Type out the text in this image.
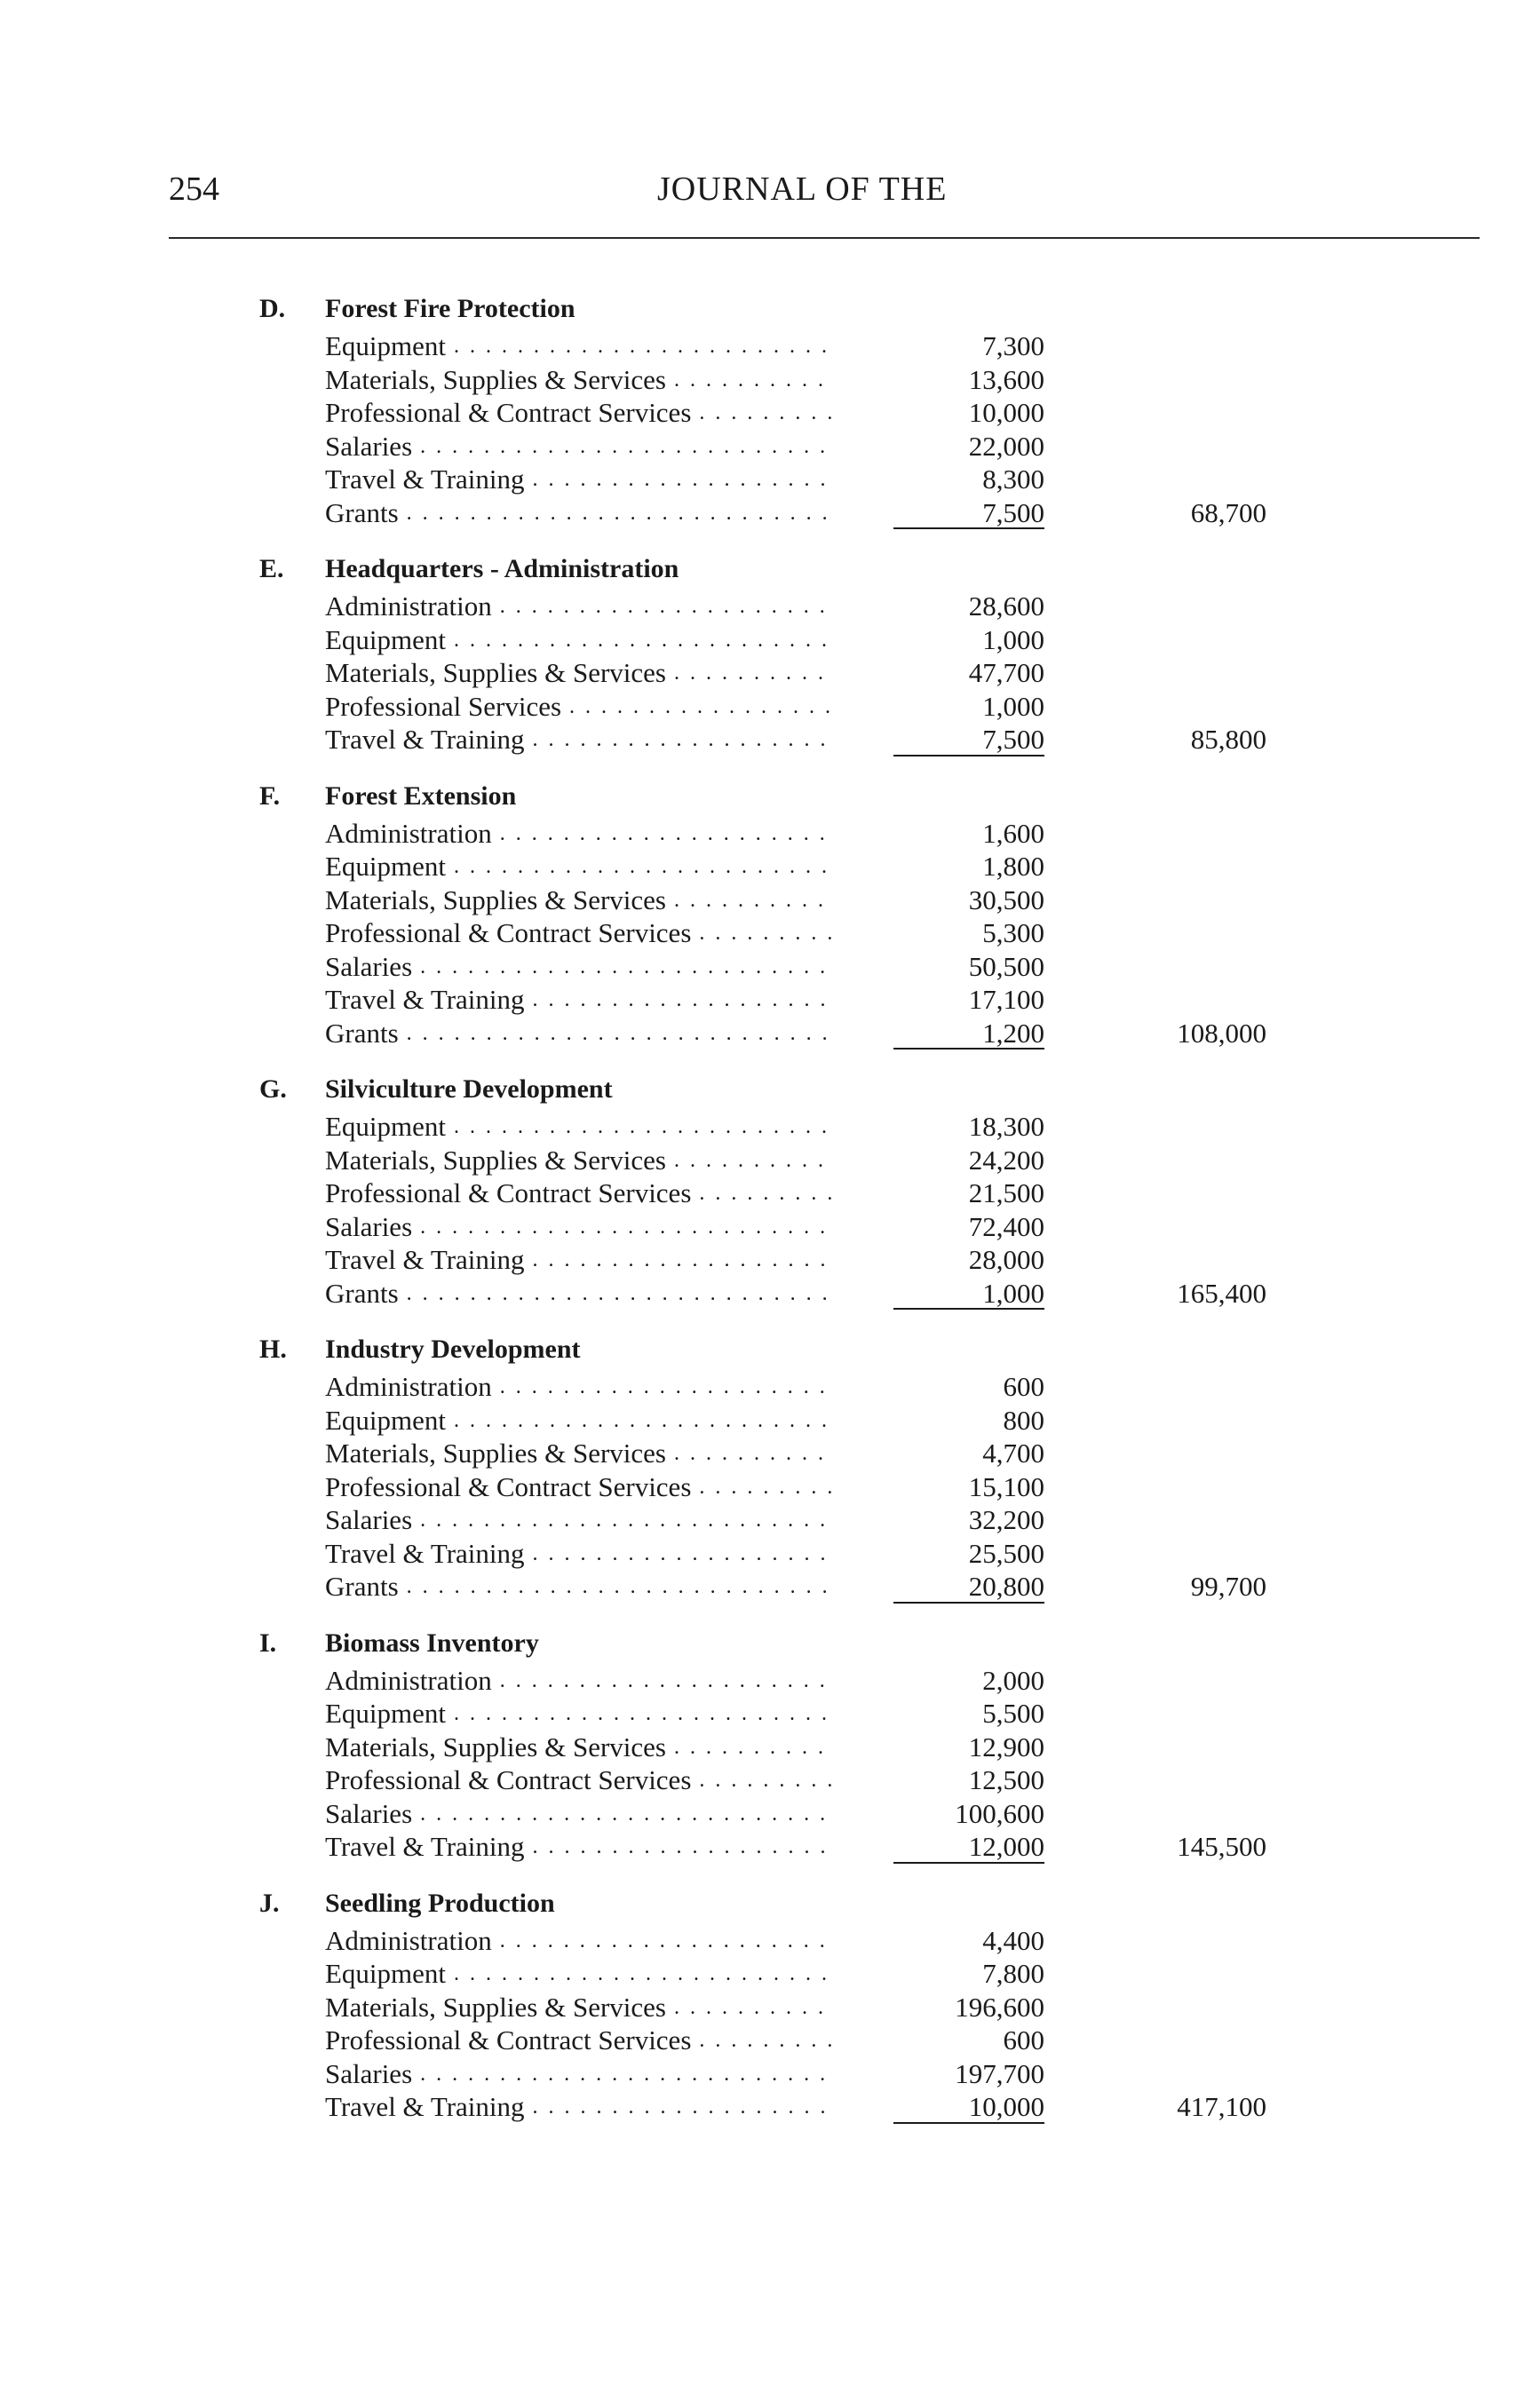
254	JOURNAL OF THE
D. Forest Fire Protection
Equipment . . .	7,300
Materials, Supplies & Services . . .	13,600
Professional & Contract Services . . .	10,000
Salaries . . .	22,000
Travel & Training . . .	8,300
Grants . . .	7,500	68,700
E. Headquarters - Administration
Administration . . .	28,600
Equipment . . .	1,000
Materials, Supplies & Services . . .	47,700
Professional Services . . .	1,000
Travel & Training . . .	7,500	85,800
F. Forest Extension
Administration . . .	1,600
Equipment . . .	1,800
Materials, Supplies & Services . . .	30,500
Professional & Contract Services . . .	5,300
Salaries . . .	50,500
Travel & Training . . .	17,100
Grants . . .	1,200	108,000
G. Silviculture Development
Equipment . . .	18,300
Materials, Supplies & Services . . .	24,200
Professional & Contract Services . . .	21,500
Salaries . . .	72,400
Travel & Training . . .	28,000
Grants . . .	1,000	165,400
H. Industry Development
Administration . . .	600
Equipment . . .	800
Materials, Supplies & Services . . .	4,700
Professional & Contract Services . . .	15,100
Salaries . . .	32,200
Travel & Training . . .	25,500
Grants . . .	20,800	99,700
I. Biomass Inventory
Administration . . .	2,000
Equipment . . .	5,500
Materials, Supplies & Services . . .	12,900
Professional & Contract Services . . .	12,500
Salaries . . .	100,600
Travel & Training . . .	12,000	145,500
J. Seedling Production
Administration . . .	4,400
Equipment . . .	7,800
Materials, Supplies & Services . . .	196,600
Professional & Contract Services . . .	600
Salaries . . .	197,700
Travel & Training . . .	10,000	417,100
